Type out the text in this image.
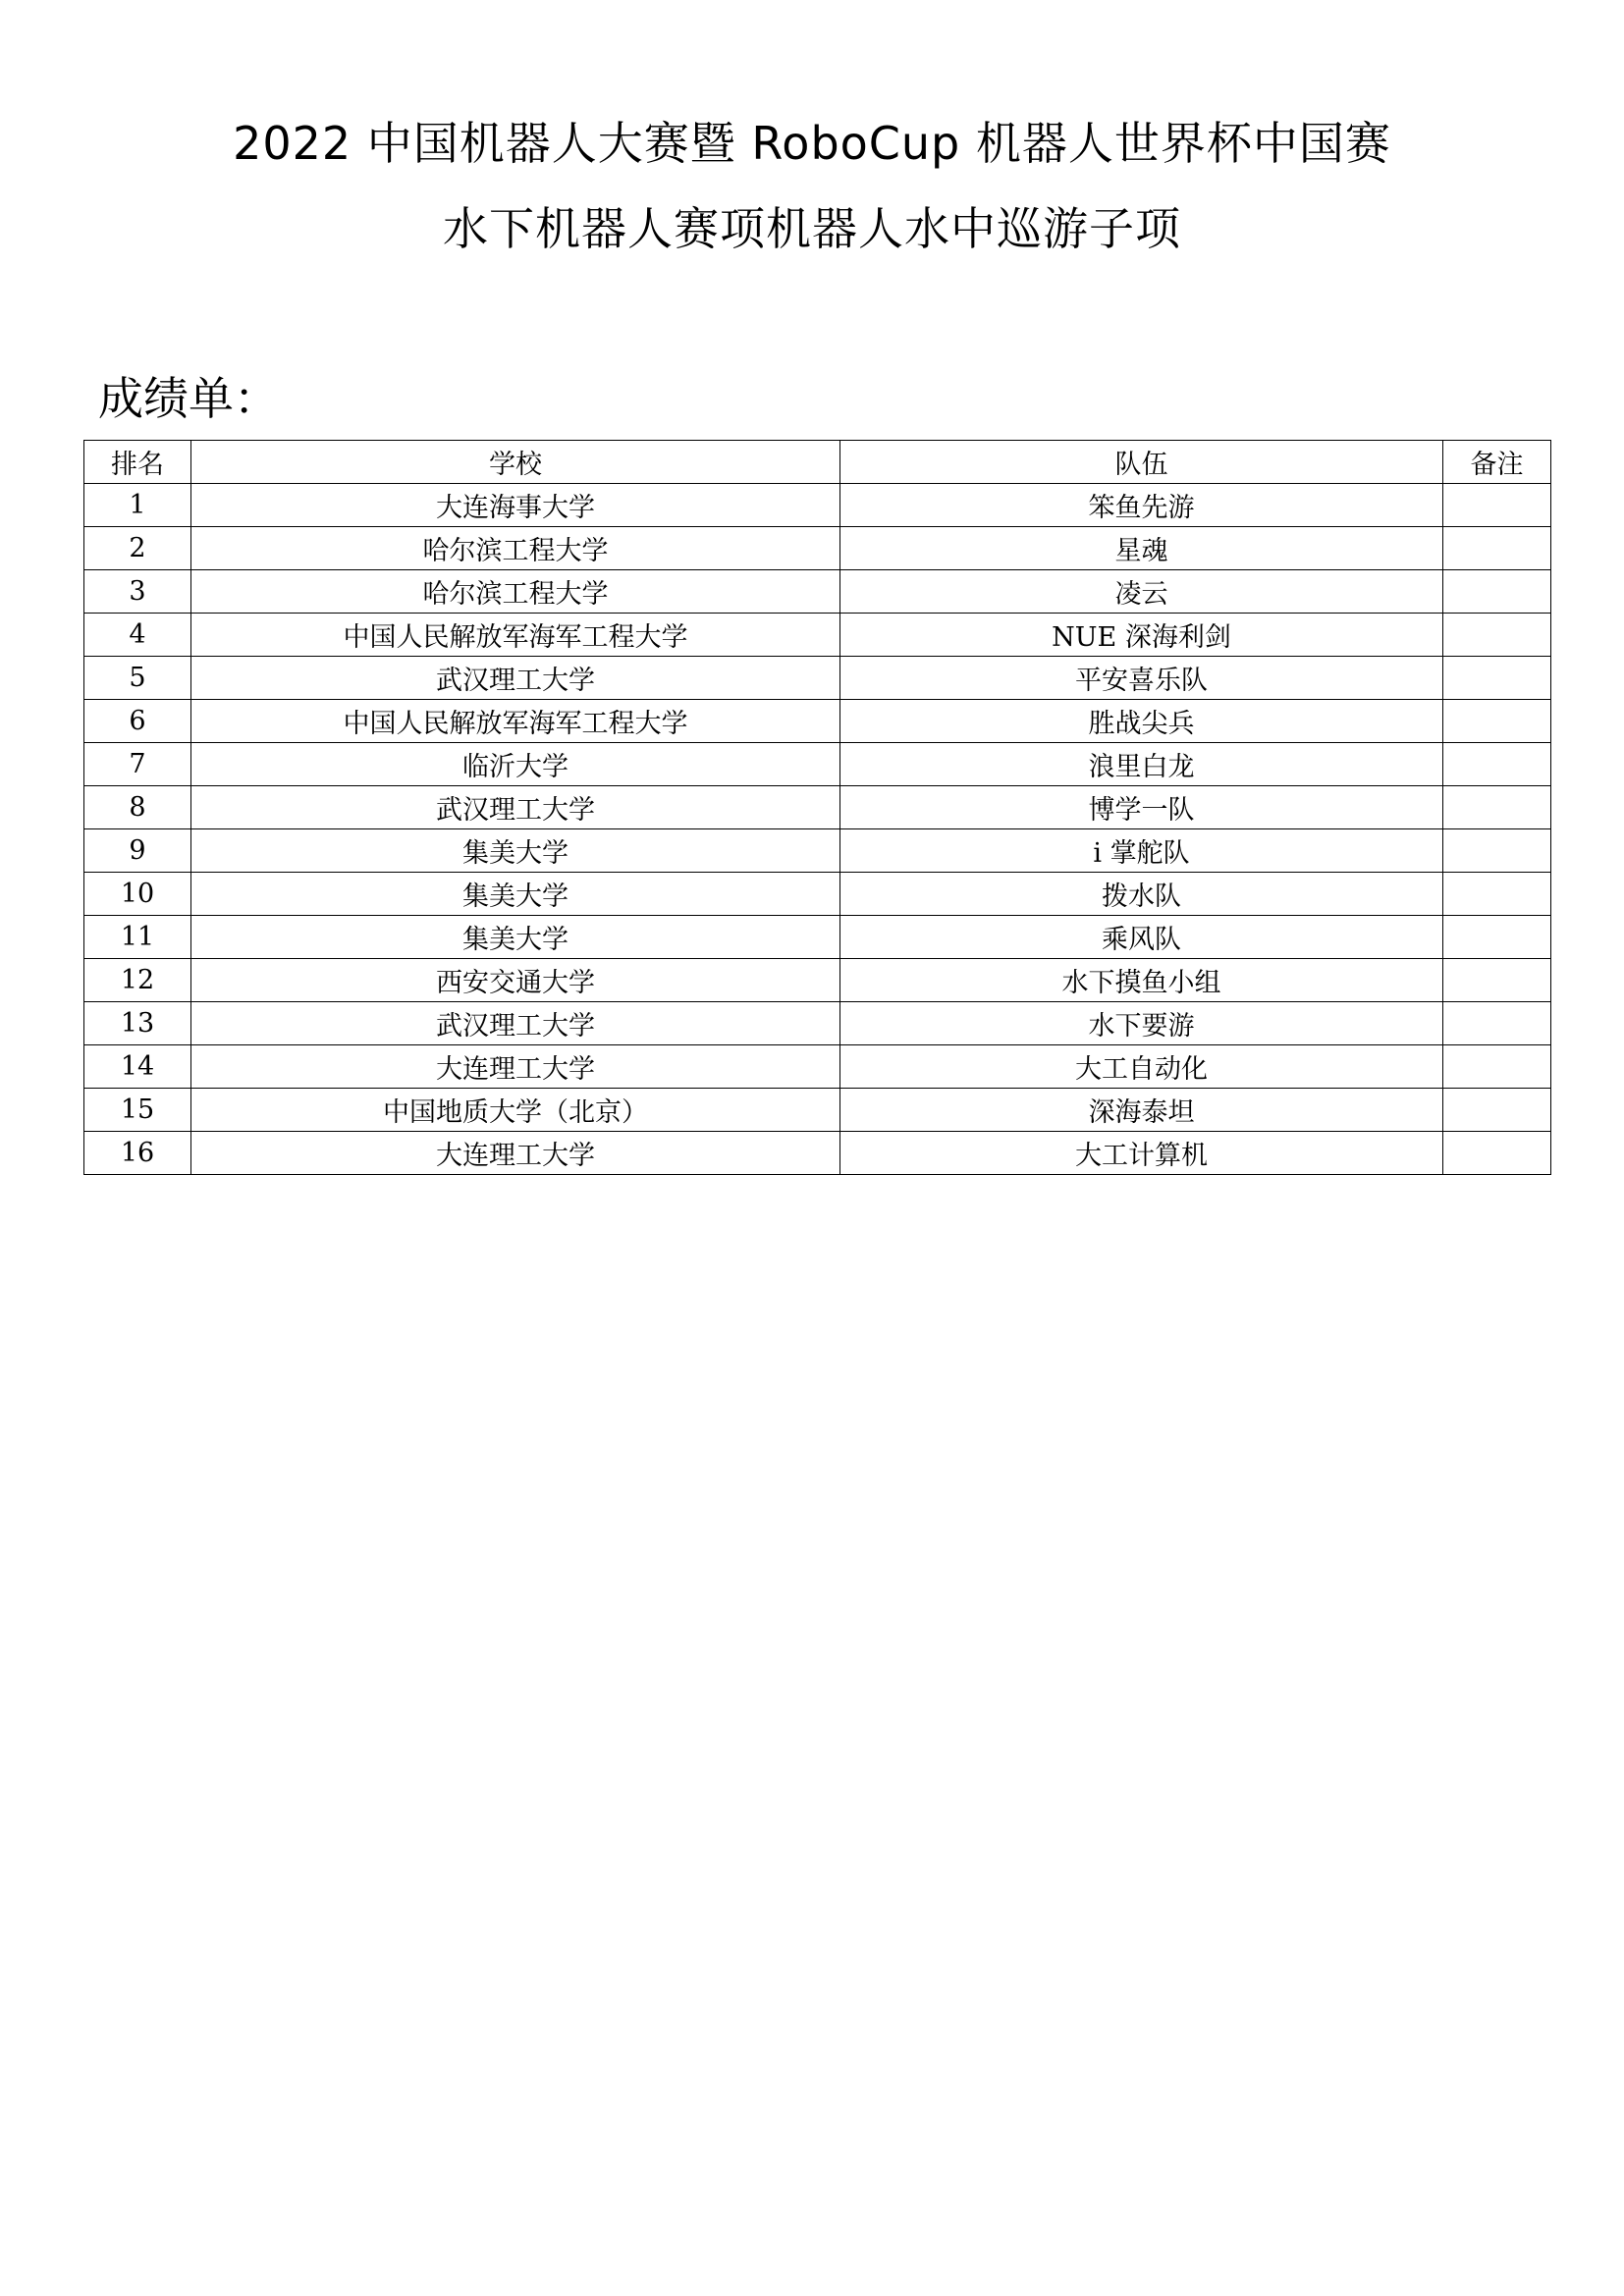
2022 中国机器人大赛暨 RoboCup 机器人世界杯中国赛
水下机器人赛项机器人水中巡游子项
成绩单：
排名	学校	队伍	备注
1	大连海事大学	笨鱼先游	
2	哈尔滨工程大学	星魂	
3	哈尔滨工程大学	凌云	
4	中国人民解放军海军工程大学	NUE 深海利剑	
5	武汉理工大学	平安喜乐队	
6	中国人民解放军海军工程大学	胜战尖兵	
7	临沂大学	浪里白龙	
8	武汉理工大学	博学一队	
9	集美大学	i 掌舵队	
10	集美大学	拨水队	
11	集美大学	乘风队	
12	西安交通大学	水下摸鱼小组	
13	武汉理工大学	水下要游	
14	大连理工大学	大工自动化	
15	中国地质大学（北京）	深海泰坦	
16	大连理工大学	大工计算机	
